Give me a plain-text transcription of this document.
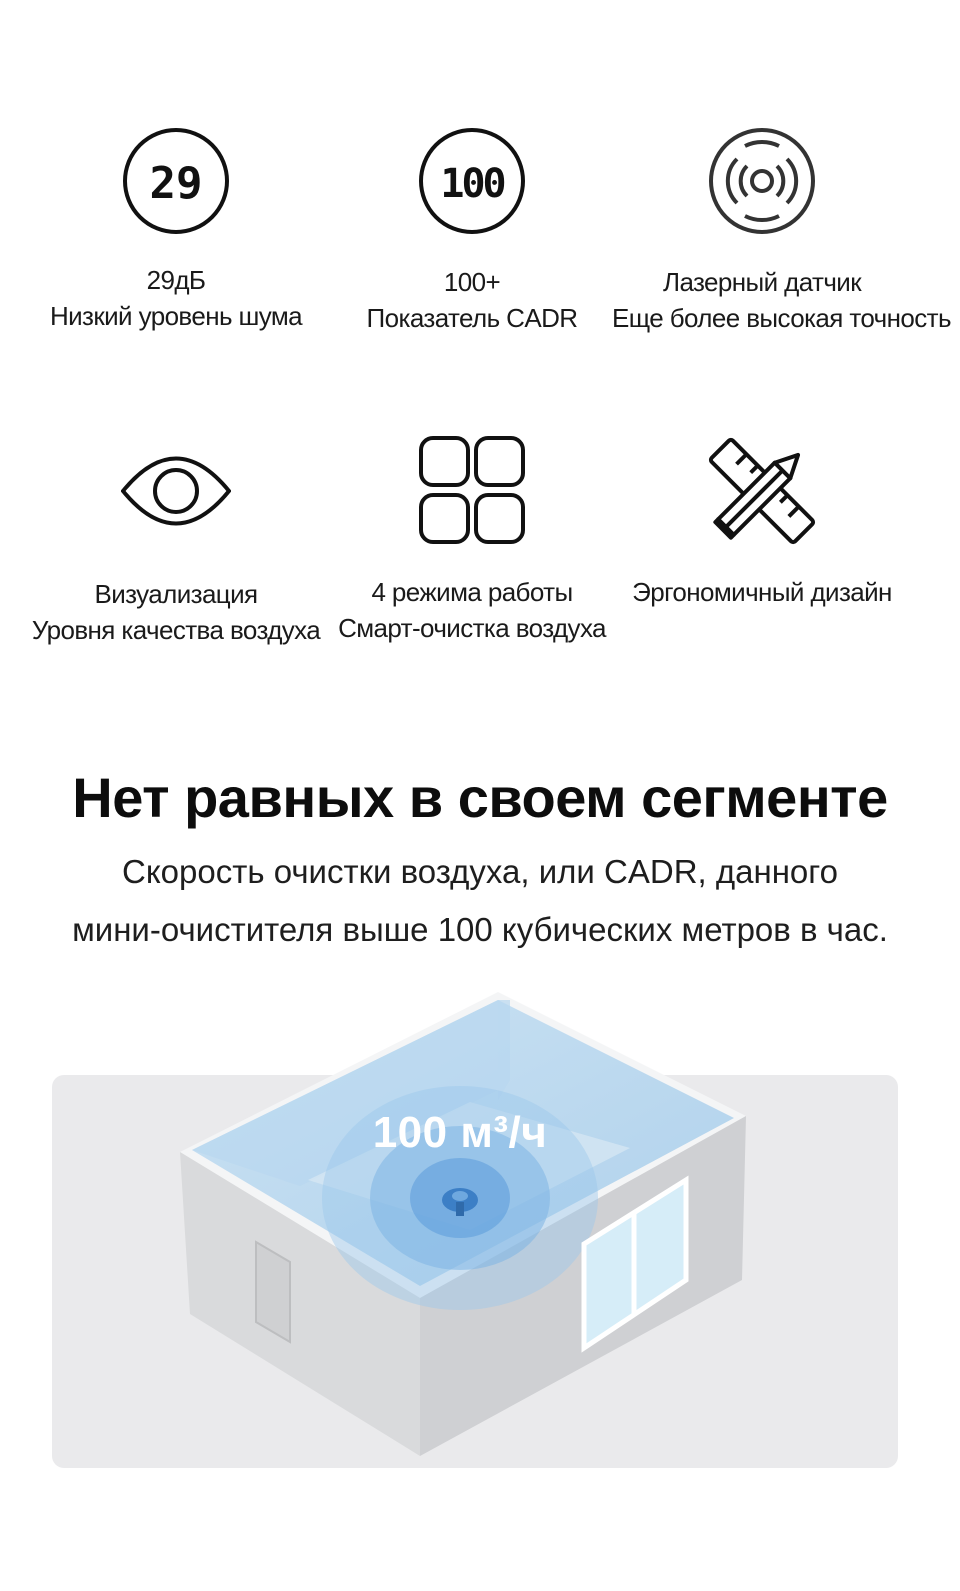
29
29дБ
Низкий уровень шума
100
100+
Показатель CADR
Лазерный датчик
Еще более высокая точность
Визуализация
Уровня качества воздуха
4 режима работы
Смарт-очистка воздуха
Эргономичный дизайн
Нет равных в своем сегменте
Скорость очистки воздуха, или CADR, данного
мини-очистителя выше 100 кубических метров в час.
100 м³/ч
